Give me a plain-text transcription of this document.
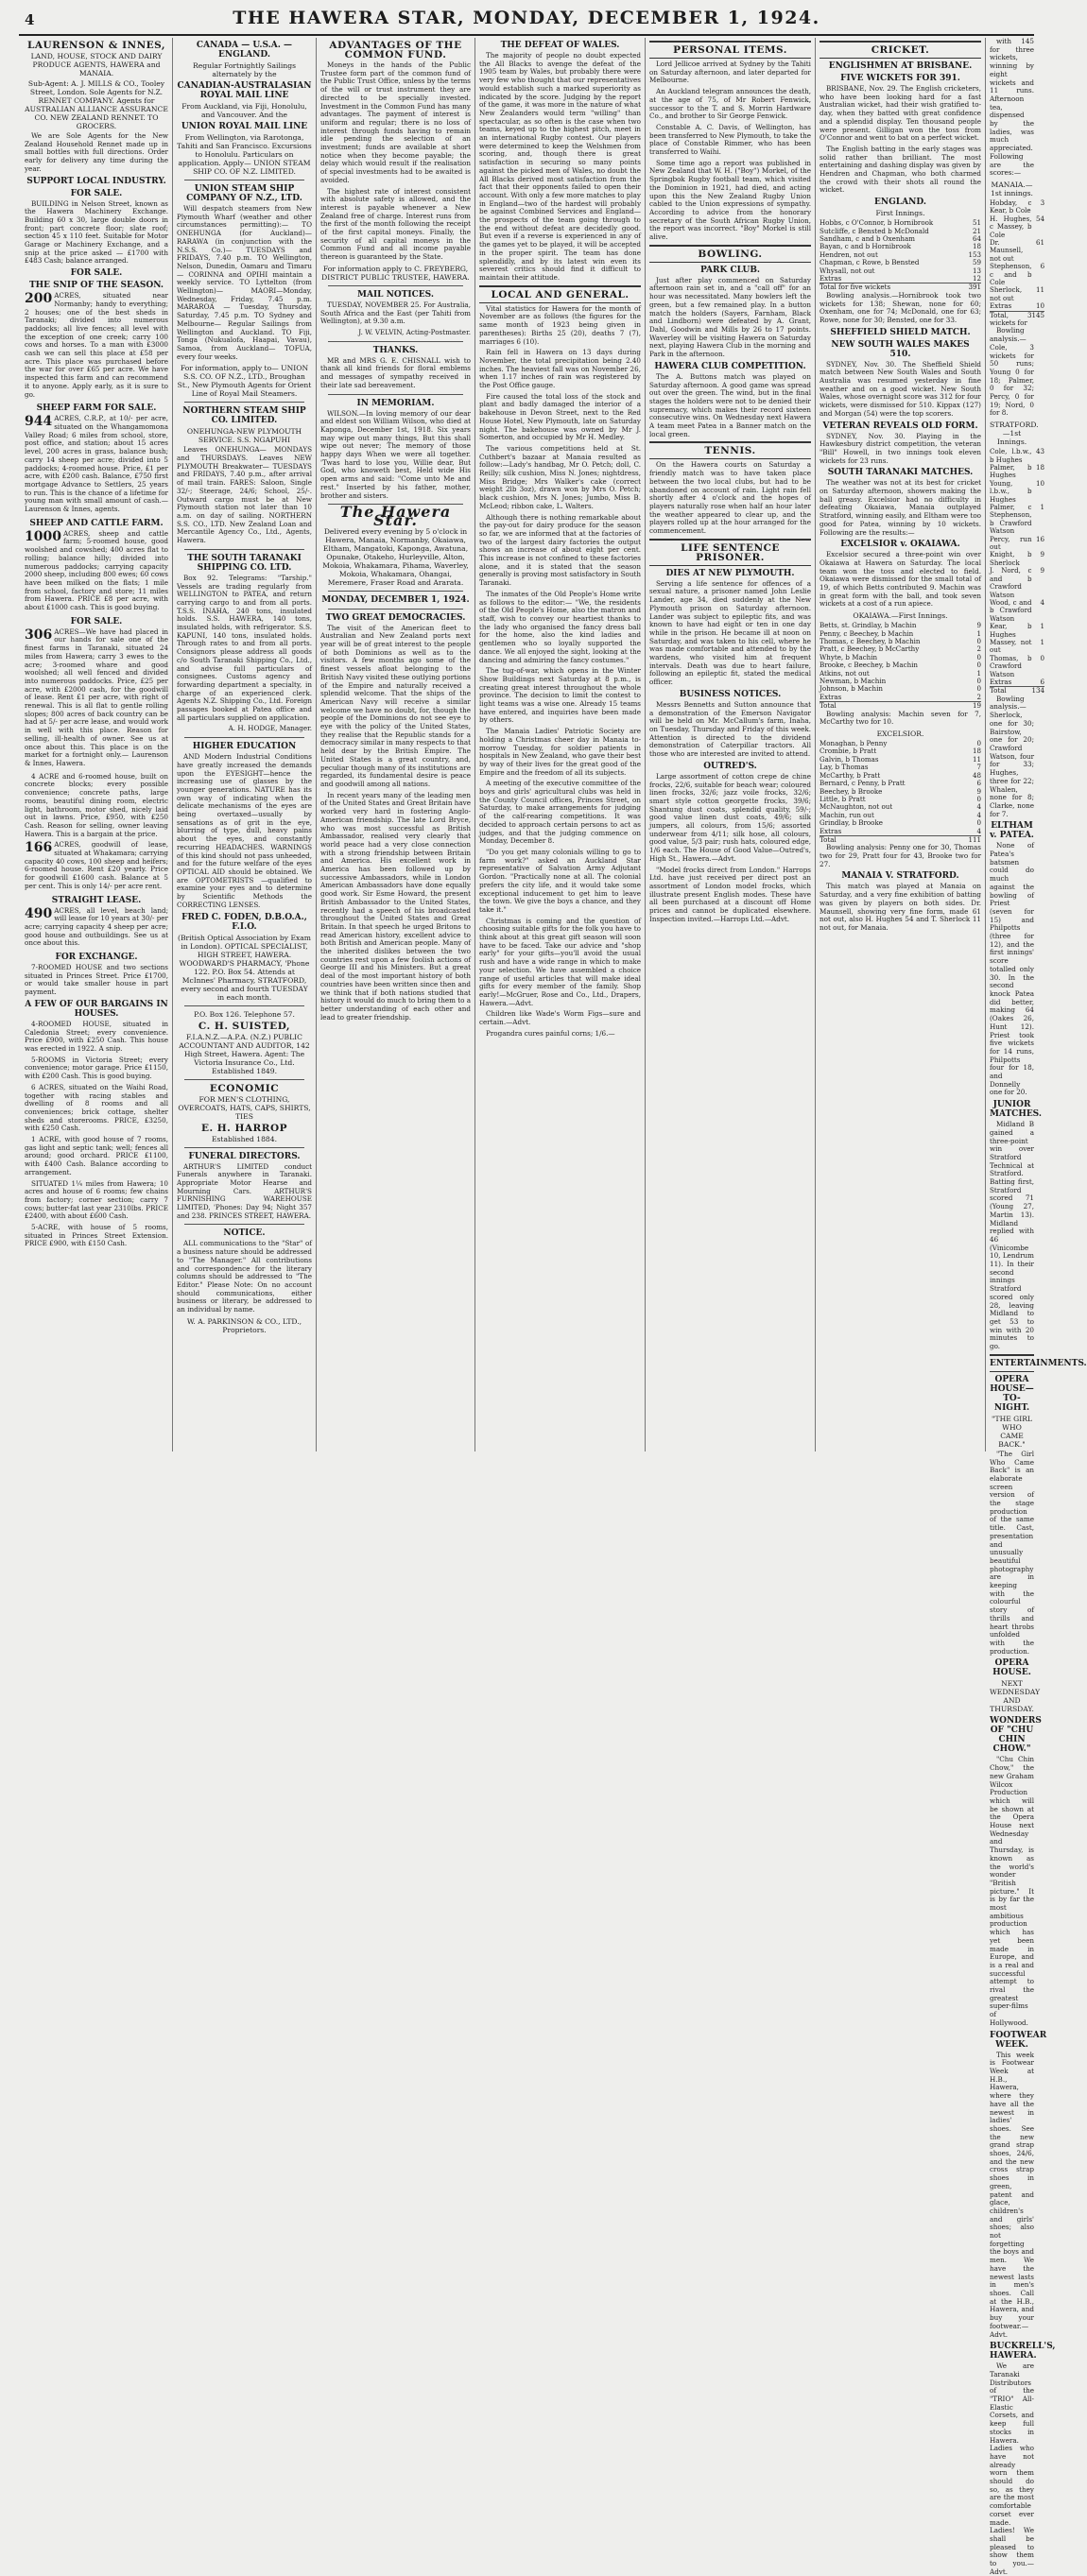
4	THE HAWERA STAR, MONDAY, DECEMBER 1, 1924.
LAURENSON & INNES,
LAND, HOUSE, STOCK AND DAIRY PRODUCE AGENTS, HAWERA and MANAIA.
Sub-Agent: A. J. MILLS & CO., Tooley Street, London. Sole Agents for N.Z. RENNET COMPANY. Agents for AUSTRALIAN ALLIANCE ASSURANCE CO. NEW ZEALAND RENNET. TO GROCERS.

We are Sole Agents for the New Zealand Household Rennet made up in small bottles with full directions. Order early for delivery any time during the year.

SUPPORT LOCAL INDUSTRY.
FOR SALE.

BUILDING in Nelson Street, known as the Hawera Machinery Exchange. Building 60 x 30, large double doors in front; part concrete floor; slate roof; section 45 x 110 feet. Suitable for Motor Garage or Machinery Exchange, and a snip at the price asked — £1700 with £483 Cash; balance arranged.

FOR SALE.
THE SNIP OF THE SEASON.
200 ACRES, situated near Normanby; handy to everything; 2 houses; one of the best sheds in Taranaki; divided into numerous paddocks; all live fences; all level with the exception of one creek; carry 100 cows and horses. To a man with £3000 cash we can sell this place at £58 per acre. This place was purchased before the war for over £65 per acre. We have inspected this farm and can recommend it to anyone. Apply early, as it is sure to go.
SHEEP FARM FOR SALE.
944 ACRES, C.R.P., at 10/- per acre, situated on the Whangamomona Valley Road; 6 miles from school, store, post office, and station; about 15 acres level, 200 acres in grass, balance bush; carry 14 sheep per acre; divided into 5 paddocks; 4-roomed house. Price, £1 per acre, with £200 cash. Balance, £750 first mortgage Advance to Settlers, 25 years to run. This is the chance of a lifetime for young man with small amount of cash.— Laurenson & Innes, agents.
SHEEP AND CATTLE FARM.
1000 ACRES, sheep and cattle farm; 5-roomed house, good woolshed and cowshed; 400 acres flat to rolling; balance hilly; divided into numerous paddocks; carrying capacity 2000 sheep, including 800 ewes; 60 cows have been milked on the flats; 1 mile from school, factory and store; 11 miles from Hawera. PRICE £8 per acre, with about £1000 cash. This is good buying.
FOR SALE.
306 ACRES—We have had placed in our hands for sale one of the finest farms in Taranaki, situated 24 miles from Hawera; carry 3 ewes to the acre; 3-roomed whare and good woolshed; all well fenced and divided into numerous paddocks. Price, £25 per acre, with £2000 cash, for the goodwill of lease. Rent £1 per acre, with right of renewal. This is all flat to gentle rolling slopes; 800 acres of back country can be had at 5/- per acre lease, and would work in well with this place. Reason for selling, ill-health of owner. See us at once about this. This place is on the market for a fortnight only.— Laurenson & Innes, Hawera.

4 ACRE and 6-roomed house, built on concrete blocks; every possible convenience; concrete paths, large rooms, beautiful dining room, electric light, bathroom, motor shed, nicely laid out in lawns. Price, £950, with £250 Cash. Reason for selling, owner leaving Hawera. This is a bargain at the price.

166 ACRES, goodwill of lease, situated at Whakamara; carrying capacity 40 cows, 100 sheep and heifers; 6-roomed house. Rent £20 yearly. Price for goodwill £1600 cash. Balance at 5 per cent. This is only 14/- per acre rent.
STRAIGHT LEASE.
490 ACRES, all level, beach land; will lease for 10 years at 30/- per acre; carrying capacity 4 sheep per acre; good house and outbuildings. See us at once about this.
FOR EXCHANGE.

7-ROOMED HOUSE and two sections situated in Princes Street. Price £1700, or would take smaller house in part payment.

A FEW OF OUR BARGAINS IN HOUSES.

4-ROOMED HOUSE, situated in Caledonia Street; every convenience. Price £900, with £250 Cash. This house was erected in 1922. A snip.

5-ROOMS in Victoria Street; every convenience; motor garage. Price £1150, with £200 Cash. This is good buying.

6 ACRES, situated on the Waihi Road, together with racing stables and dwelling of 8 rooms and all conveniences; brick cottage, shelter sheds and storerooms. PRICE, £3250, with £250 Cash.

1 ACRE, with good house of 7 rooms, gas light and septic tank; well; fences all around; good orchard. PRICE £1100, with £400 Cash. Balance according to arrangement.

SITUATED 1¼ miles from Hawera; 10 acres and house of 6 rooms; few chains from factory; corner section; carry 7 cows; butter-fat last year 2310lbs. PRICE £2400, with about £600 Cash.

5-ACRE, with house of 5 rooms, situated in Princes Street Extension. PRICE £900, with £150 Cash.

CANADA — U.S.A. — ENGLAND.
Regular Fortnightly Sailings alternately by the
CANADIAN-AUSTRALASIAN ROYAL MAIL LINE
From Auckland, via Fiji, Honolulu, and Vancouver. And the
UNION ROYAL MAIL LINE
From Wellington, via Rarotonga, Tahiti and San Francisco. Excursions to Honolulu. Particulars on application. Apply— UNION STEAM SHIP CO. OF N.Z. LIMITED.
UNION STEAM SHIP COMPANY OF N.Z., LTD.

Will despatch steamers from New Plymouth Wharf (weather and other circumstances permitting):— TO ONEHUNGA (for Auckland)— RARAWA (in conjunction with the N.S.S. Co.)— TUESDAYS and FRIDAYS, 7.40 p.m. TO Wellington, Nelson, Dunedin, Oamaru and Timaru— CORINNA and OPIHI maintain a weekly service. TO Lyttelton (from Wellington)— MAORI—Monday, Wednesday, Friday, 7.45 p.m. MARAROA — Tuesday, Thursday, Saturday, 7.45 p.m. TO Sydney and Melbourne— Regular Sailings from Wellington and Auckland. TO Fiji, Tonga (Nukualofa, Haapai, Vavau), Samoa, from Auckland— TOFUA, every four weeks.

For information, apply to— UNION S.S. CO. OF N.Z., LTD., Broughan St., New Plymouth Agents for Orient Line of Royal Mail Steamers.
NORTHERN STEAM SHIP CO. LIMITED.
ONEHUNGA-NEW PLYMOUTH SERVICE. S.S. NGAPUHI

Leaves ONEHUNGA— MONDAYS and THURSDAYS. Leaves NEW PLYMOUTH Breakwater— TUESDAYS and FRIDAYS, 7.40 p.m., after arrival of mail train. FARES: Saloon, Single 32/-; Steerage, 24/6; School, 25/-. Outward cargo must be at New Plymouth station not later than 10 a.m. on day of sailing. NORTHERN S.S. CO., LTD. New Zealand Loan and Mercantile Agency Co., Ltd., Agents, Hawera.

THE SOUTH TARANAKI SHIPPING CO. LTD.

Box 92. Telegrams: "Tarship." Vessels are trading regularly from WELLINGTON to PATEA, and return carrying cargo to and from all ports. T.S.S. INAHA, 240 tons, insulated holds. S.S. HAWERA, 140 tons, insulated holds, with refrigerator. S.S. KAPUNI, 140 tons, insulated holds. Through rates to and from all ports. Consignors please address all goods c/o South Taranaki Shipping Co., Ltd., and advise full particulars of consignees. Customs agency and forwarding department a specialty, in charge of an experienced clerk. Agents N.Z. Shipping Co., Ltd. Foreign passages booked at Patea office and all particulars supplied on application.

A. H. HODGE, Manager.
HIGHER EDUCATION

AND Modern Industrial Conditions have greatly increased the demands upon the EYESIGHT—hence the increasing use of glasses by the younger generations. NATURE has its own way of indicating when the delicate mechanisms of the eyes are being overtaxed—usually by sensations as of grit in the eye, blurring of type, dull, heavy pains about the eyes, and constantly recurring HEADACHES. WARNINGS of this kind should not pass unheeded, and for the future welfare of the eyes OPTICAL AID should be obtained. We are OPTOMETRISTS —qualified to examine your eyes and to determine by Scientific Methods the CORRECTING LENSES.

FRED C. FODEN, D.B.O.A., F.I.O.
(British Optical Association by Exam in London). OPTICAL SPECIALIST, HIGH STREET, HAWERA. WOODWARD'S PHARMACY, 'Phone 122. P.O. Box 54. Attends at McInnes' Pharmacy, STRATFORD, every second and fourth TUESDAY in each month.
P.O. Box 126. Telephone 57.
C. H. SUISTED,
F.I.A.N.Z.—A.P.A. (N.Z.) PUBLIC ACCOUNTANT AND AUDITOR, 142 High Street, Hawera. Agent: The Victoria Insurance Co., Ltd. Established 1849.
ECONOMIC
FOR MEN'S CLOTHING, OVERCOATS, HATS, CAPS, SHIRTS, TIES
E. H. HARROP
Established 1884.
FUNERAL DIRECTORS.

ARTHUR'S LIMITED conduct Funerals anywhere in Taranaki. Appropriate Motor Hearse and Mourning Cars. ARTHUR'S FURNISHING WAREHOUSE LIMITED, 'Phones: Day 94; Night 357 and 238. PRINCES STREET, HAWERA.

NOTICE.

ALL communications to the "Star" of a business nature should be addressed to "The Manager." All contributions and correspondence for the literary columns should be addressed to "The Editor." Please Note: On no account should communications, either business or literary, be addressed to an individual by name.

W. A. PARKINSON & CO., LTD., Proprietors.
ADVANTAGES OF THE COMMON FUND.

Moneys in the hands of the Public Trustee form part of the common fund of the Public Trust Office, unless by the terms of the will or trust instrument they are directed to be specially invested. Investment in the Common Fund has many advantages. The payment of interest is uniform and regular; there is no loss of interest through funds having to remain idle pending the selection of an investment; funds are available at short notice when they become payable; the delay which would result if the realisation of special investments had to be awaited is avoided.

The highest rate of interest consistent with absolute safety is allowed, and the interest is payable whenever a New Zealand free of charge. Interest runs from the first of the month following the receipt of the first capital moneys. Finally, the security of all capital moneys in the Common Fund and all income payable thereon is guaranteed by the State.

For information apply to C. FREYBERG, DISTRICT PUBLIC TRUSTEE, HAWERA.
MAIL NOTICES.

TUESDAY, NOVEMBER 25. For Australia, South Africa and the East (per Tahiti from Wellington), at 9.30 a.m.

J. W. VELVIN, Acting-Postmaster.
THANKS.

MR and MRS G. E. CHISNALL wish to thank all kind friends for floral emblems and messages of sympathy received in their late sad bereavement.

IN MEMORIAM.

WILSON.—In loving memory of our dear and eldest son William Wilson, who died at Kaponga, December 1st, 1918. Six years may wipe out many things, But this shall wipe out never; The memory of those happy days When we were all together. 'Twas hard to lose you, Willie dear, But God, who knoweth best, Held wide His open arms and said: "Come unto Me and rest." Inserted by his father, mother, brother and sisters.

The Hawera Star.
Delivered every evening by 5 o'clock in Hawera, Manaia, Normanby, Okaiawa, Eltham, Mangatoki, Kaponga, Awatuna, Opunake, Otakeho, Hurleyville, Alton, Mokoia, Whakamara, Pihama, Waverley, Mokoia, Whakamara, Ohangai, Meremere, Fraser Road and Ararata.
MONDAY, DECEMBER 1, 1924.
TWO GREAT DEMOCRACIES.

The visit of the American fleet to Australian and New Zealand ports next year will be of great interest to the people of both Dominions as well as to the visitors. A few months ago some of the finest vessels afloat belonging to the British Navy visited these outlying portions of the Empire and naturally received a splendid welcome. That the ships of the American Navy will receive a similar welcome we have no doubt, for, though the people of the Dominions do not see eye to eye with the policy of the United States, they realise that the Republic stands for a democracy similar in many respects to that held dear by the British Empire. The United States is a great country, and, peculiar though many of its institutions are regarded, its fundamental desire is peace and goodwill among all nations.

In recent years many of the leading men of the United States and Great Britain have worked very hard in fostering Anglo-American friendship. The late Lord Bryce, who was most successful as British Ambassador, realised very clearly that world peace had a very close connection with a strong friendship between Britain and America. His excellent work in America has been followed up by successive Ambassadors, while in London American Ambassadors have done equally good work. Sir Esme Howard, the present British Ambassador to the United States, recently had a speech of his broadcasted throughout the United States and Great Britain. In that speech he urged Britons to read American history, excellent advice to both British and American people. Many of the inherited dislikes between the two countries rest upon a few foolish actions of George III and his Ministers. But a great deal of the most important history of both countries have been written since then and we think that if both nations studied that history it would do much to bring them to a better understanding of each other and lead to greater friendship.

THE DEFEAT OF WALES.

The majority of people no doubt expected the All Blacks to avenge the defeat of the 1905 team by Wales, but probably there were very few who thought that our representatives would establish such a marked superiority as indicated by the score. Judging by the report of the game, it was more in the nature of what New Zealanders would term "willing" than spectacular, as so often is the case when two teams, keyed up to the highest pitch, meet in an international Rugby contest. Our players were determined to keep the Welshmen from scoring, and, though there is great satisfaction in securing so many points against the picked men of Wales, no doubt the All Blacks derived most satisfaction from the fact that their opponents failed to open their account. With only a few more matches to play in England—two of the hardest will probably be against Combined Services and England—the prospects of the team going through to the end without defeat are decidedly good. But even if a reverse is experienced in any of the games yet to be played, it will be accepted in the proper spirit. The team has done splendidly, and by its latest win even its severest critics should find it difficult to maintain their attitude.

LOCAL AND GENERAL.

Vital statistics for Hawera for the month of November are as follows (the figures for the same month of 1923 being given in parentheses): Births 25 (20), deaths 7 (7), marriages 6 (10).

Rain fell in Hawera on 13 days during November, the total precipitation being 2.40 inches. The heaviest fall was on November 26, when 1.17 inches of rain was registered by the Post Office gauge.

Fire caused the total loss of the stock and plant and badly damaged the interior of a bakehouse in Devon Street, next to the Red House Hotel, New Plymouth, late on Saturday night. The bakehouse was owned by Mr J. Somerton, and occupied by Mr H. Medley.

The various competitions held at St. Cuthbert's bazaar at Manaia resulted as follow:—Lady's handbag, Mr O. Petch; doll, C. Reilly; silk cushion, Miss N. Jones; nightdress, Miss Bridge; Mrs Walker's cake (correct weight 2lb 3oz), drawn won by Mrs O. Petch; black cushion, Mrs N. Jones; Jumbo, Miss B. McLeod; ribbon cake, L. Walters.

Although there is nothing remarkable about the pay-out for dairy produce for the season so far, we are informed that at the factories of two of the largest dairy factories the output shows an increase of about eight per cent. This increase is not confined to these factories alone, and it is stated that the season generally is proving most satisfactory in South Taranaki.

The inmates of the Old People's Home write as follows to the editor:— "We, the residents of the Old People's Home, also the matron and staff, wish to convey our heartiest thanks to the lady who organised the fancy dress ball for the home, also the kind ladies and gentlemen who so loyally supported the dance. We all enjoyed the sight, looking at the dancing and admiring the fancy costumes."

The tug-of-war, which opens in the Winter Show Buildings next Saturday at 8 p.m., is creating great interest throughout the whole province. The decision to limit the contest to light teams was a wise one. Already 15 teams have entered, and inquiries have been made by others.

The Manaia Ladies' Patriotic Society are holding a Christmas cheer day in Manaia to-morrow Tuesday, for soldier patients in hospitals in New Zealand, who gave their best by way of their lives for the great good of the Empire and the freedom of all its subjects.

A meeting of the executive committee of the boys and girls' agricultural clubs was held in the County Council offices, Princes Street, on Saturday, to make arrangements for judging of the calf-rearing competitions. It was decided to approach certain persons to act as judges, and that the judging commence on Monday, December 8.

"Do you get many colonials willing to go to farm work?" asked an Auckland Star representative of Salvation Army Adjutant Gordon. "Practically none at all. The colonial prefers the city life, and it would take some exceptional inducement to get him to leave the town. We give the boys a chance, and they take it."

Christmas is coming and the question of choosing suitable gifts for the folk you have to think about at this great gift season will soon have to be faced. Take our advice and "shop early" for your gifts—you'll avoid the usual rush and have a wide range in which to make your selection. We have assembled a choice range of useful articles that will make ideal gifts for every member of the family. Shop early!—McGruer, Rose and Co., Ltd., Drapers, Hawera.—Advt.

Children like Wade's Worm Figs—sure and certain.—Advt.

Progandra cures painful corns; 1/6.—

PERSONAL ITEMS.

Lord Jellicoe arrived at Sydney by the Tahiti on Saturday afternoon, and later departed for Melbourne.

An Auckland telegram announces the death, at the age of 75, of Mr Robert Fenwick, successor to the T. and S. Morrin Hardware Co., and brother to Sir George Fenwick.

Constable A. C. Davis, of Wellington, has been transferred to New Plymouth, to take the place of Constable Rimmer, who has been transferred to Waihi.

Some time ago a report was published in New Zealand that W. H. ("Boy") Morkel, of the Springbok Rugby football team, which visited the Dominion in 1921, had died, and acting upon this the New Zealand Rugby Union cabled to the Union expressions of sympathy. According to advice from the honorary secretary of the South African Rugby Union, the report was incorrect. "Boy" Morkel is still alive.

BOWLING.
PARK CLUB.

Just after play commenced on Saturday afternoon rain set in, and a "call off" for an hour was necessitated. Many bowlers left the green, but a few remained play. In a button match the holders (Sayers, Farnham, Black and Lindborn) were defeated by A. Grant, Dahl, Goodwin and Mills by 26 to 17 points. Waverley will be visiting Hawera on Saturday next, playing Hawera Club in the morning and Park in the afternoon.

HAWERA CLUB COMPETITION.

The A. Buttons match was played on Saturday afternoon. A good game was spread out over the green. The wind, but in the final stages the holders were not to be denied their supremacy, which makes their record sixteen consecutive wins. On Wednesday next Hawera A team meet Patea in a Banner match on the local green.

TENNIS.

On the Hawera courts on Saturday a friendly match was to have taken place between the two local clubs, but had to be abandoned on account of rain. Light rain fell shortly after 4 o'clock and the hopes of players naturally rose when half an hour later the weather appeared to clear up, and the players rolled up at the hour arranged for the commencement.

LIFE SENTENCE PRISONER.
DIES AT NEW PLYMOUTH.

Serving a life sentence for offences of a sexual nature, a prisoner named John Leslie Lander, age 34, died suddenly at the New Plymouth prison on Saturday afternoon. Lander was subject to epileptic fits, and was known to have had eight or ten in one day while in the prison. He became ill at noon on Saturday, and was taken to his cell, where he was made comfortable and attended to by the wardens, who visited him at frequent intervals. Death was due to heart failure, following an epileptic fit, stated the medical officer.

BUSINESS NOTICES.

Messrs Bennetts and Sutton announce that a demonstration of the Emerson Navigator will be held on Mr. McCallum's farm, Inaha, on Tuesday, Thursday and Friday of this week. Attention is directed to the dividend demonstration of Caterpillar tractors. All those who are interested are invited to attend.

OUTRED'S.

Large assortment of cotton crepe de chine frocks, 22/6, suitable for beach wear; coloured linen frocks, 32/6; jazz voile frocks, 32/6; smart style cotton georgette frocks, 39/6; Shantung dust coats, splendid quality, 59/-; good value linen dust coats, 49/6; silk jumpers, all colours, from 15/6; assorted underwear from 4/11; silk hose, all colours, good value, 5/3 pair; rush hats, coloured edge, 1/6 each. The House of Good Value—Outred's, High St., Hawera.—Advt.

"Model frocks direct from London." Harrops Ltd. have just received per direct post an assortment of London model frocks, which illustrate present English modes. These have all been purchased at a discount off Home prices and cannot be duplicated elsewhere. Inspection invited.—Harrops Ltd.—Advt.

CRICKET.
ENGLISHMEN AT BRISBANE.
FIVE WICKETS FOR 391.

BRISBANE, Nov. 29. The English cricketers, who have been looking hard for a fast Australian wicket, had their wish gratified to-day, when they batted with great confidence and a splendid display. Ten thousand people were present. Gilligan won the toss from O'Connor and went to bat on a perfect wicket.

The English batting in the early stages was solid rather than brilliant. The most entertaining and dashing display was given by Hendren and Chapman, who both charmed the crowd with their shots all round the wicket.

ENGLAND.
First Innings.
Hobbs, c O'Connor, b Hornibrook	51
Sutcliffe, c Bensted b McDonald	21
Sandham, c and b Oxenham	64
Bayan, c and b Hornibrook	18
Hendren, not out	153
Chapman, c Rowe, b Bensted	59
Whysall, not out	13
Extras	12
Total for five wickets	391

Bowling analysis.—Hornibrook took two wickets for 138; Shewan, none for 60; Oxenham, one for 74; McDonald, one for 63; Rowe, none for 30; Bensted, one for 33.

SHEFFIELD SHIELD MATCH.
NEW SOUTH WALES MAKES 510.

SYDNEY, Nov. 30. The Sheffield Shield match between New South Wales and South Australia was resumed yesterday in fine weather and on a good wicket. New South Wales, whose overnight score was 312 for four wickets, were dismissed for 510. Kippax (127) and Morgan (54) were the top scorers.

VETERAN REVEALS OLD FORM.

SYDNEY, Nov. 30. Playing in the Hawkesbury district competition, the veteran "Bill" Howell, in two innings took eleven wickets for 23 runs.

SOUTH TARANAKI MATCHES.

The weather was not at its best for cricket on Saturday afternoon, showers making the ball greasy. Excelsior had no difficulty in defeating Okaiawa, Manaia outplayed Stratford, winning easily, and Eltham were too good for Patea, winning by 10 wickets. Following are the results:—

EXCELSIOR v. OKAIAWA.

Excelsior secured a three-point win over Okaiawa at Hawera on Saturday. The local team won the toss and elected to field. Okaiawa were dismissed for the small total of 19, of which Betts contributed 9. Machin was in great form with the ball, and took seven wickets at a cost of a run apiece.

OKAIAWA.—First Innings.
Betts, st. Grindlay, b Machin	9
Penny, c Beechey, b Machin	1
Thomas, c Beechey, b Machin	0
Pratt, c Beechey, b McCarthy	2
Whyte, b Machin	0
Brooke, c Beechey, b Machin	0
Atkins, not out	1
Newman, b Machin	0
Johnson, b Machin	0
Extras	2
Total	19

Bowling analysis: Machin seven for 7, McCarthy two for 10.

EXCELSIOR.
Monaghan, b Penny	0
Crombie, b Pratt	18
Galvin, b Thomas	11
Lay, b Thomas	7
McCarthy, b Pratt	48
Bernard, c Penny, b Pratt	6
Beechey, b Brooke	9
Little, b Pratt	0
McNaughton, not out	4
Machin, run out	4
Grindlay, b Brooke	0
Extras	4
Total	111

Bowling analysis: Penny one for 30, Thomas two for 29, Pratt four for 43, Brooke two for 27.

MANAIA V. STRATFORD.

This match was played at Manaia on Saturday, and a very fine exhibition of batting was given by players on both sides. Dr. Maunsell, showing very fine form, made 61 not out, also H. Hughes 54 and T. Sherlock 11 not out, for Manaia.

with 145 for three wickets, winning by eight wickets and 11 runs. Afternoon tea, dispensed by the ladies, was much appreciated. Following are the scores:—

MANAIA.—1st innings.
Hobday, c Kear, b Cole	3
H. Hughes, c Massey, b Cole	54
Dr. Maunsell, not out	61
Stephenson, c and b Cole	6
Sherlock, not out	11
Extras	10
Total, 3 wickets for	145

Bowling analysis.—Cole, 3 wickets for 50 runs; Young 0 for 18; Palmer, 0 for 32; Percy, 0 for 19; Nord, 0 for 8.

STRATFORD.—1st Innings.
Cole, l.b.w., b Hughes	43
Palmer, b Hughes	18
Young, l.b.w., b Hughes	10
Palmer, c Stephenson, b Crawford Watson	1
Percy, run out	16
Knight, b Sherlock	9
J. Nord, c and b Crawford Watson	9
Wood, c and b Crawford Watson	4
Kear, b Hughes	1
Massey, not out	1
Thomas, b Crawford Watson	0
Extras	6
Total	134

Bowling analysis.—Sherlock, one for 30; Bairstow, one for 20; Crawford Watson, four for 33; Hughes, three for 22; Whalen, none for 8; Clarke, none for 7.

ELTHAM v. PATEA.

None of Patea's batsmen could do much against the bowling of Priest (seven for 15) and Philpotts (three for 12), and the first innings' score totalled only 30. In the second knock Patea did better, making 64 (Oakes 26, Hunt 12). Priest took five wickets for 14 runs, Philpotts four for 18, and Donnelly one for 20.

JUNIOR MATCHES.

Midland B gained a three-point win over Stratford Technical at Stratford. Batting first, Stratford scored 71 (Young 27, Martin 13). Midland replied with 46 (Vinicombe 10, Lendrum 11). In their second innings Stratford scored only 28, leaving Midland to get 53 to win with 20 minutes to go.

ENTERTAINMENTS.
OPERA HOUSE—TO-NIGHT.
"THE GIRL WHO CAME BACK."

"The Girl Who Came Back" is an elaborate screen version of the stage production of the same title. Cast, presentation and unusually beautiful photography are in keeping with the colourful story of thrills and heart throbs unfolded with the production.

OPERA HOUSE.
NEXT WEDNESDAY AND THURSDAY.
WONDERS OF "CHU CHIN CHOW."

"Chu Chin Chow," the new Graham Wilcox Production which will be shown at the Opera House next Wednesday and Thursday, is known as the world's wonder "British picture." It is by far the most ambitious production which has yet been made in Europe, and is a real and successful attempt to rival the greatest super-films of Hollywood.

FOOTWEAR WEEK.

This week is Footwear Week at H.B., Hawera, where they have all the newest in ladies' shoes. See the new grand strap shoes, 24/6, and the new cross strap shoes in green, patent and glace, children's and girls' shoes; also not forgetting the boys and men. We have the newest lasts in men's shoes. Call at the H.B., Hawera, and buy your footwear.—Advt.

BUCKRELL'S, HAWERA.

We are Taranaki Distributors of the "TRIO" All-Elastic Corsets, and keep full stocks in Hawera. Ladies who have not already worn them should do so, as they are the most comfortable corset ever made. Ladies! We shall be pleased to show them to you.—Advt.
